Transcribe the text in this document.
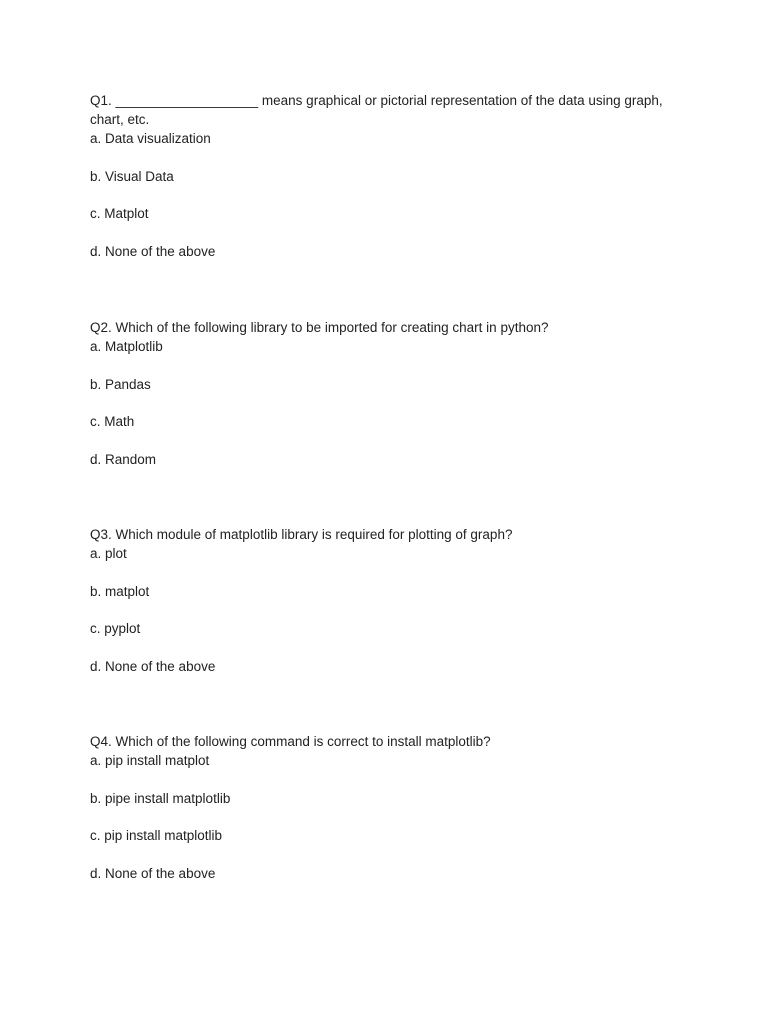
Q1. ___________________ means graphical or pictorial representation of the data using graph, chart, etc.

a. Data visualization

b. Visual Data

c. Matplot

d. None of the above

Q2. Which of the following library to be imported for creating chart in python?

a. Matplotlib

b. Pandas

c. Math

d. Random

Q3. Which module of matplotlib library is required for plotting of graph?

a. plot

b. matplot

c. pyplot

d. None of the above

Q4. Which of the following command is correct to install matplotlib?

a. pip install matplot

b. pipe install matplotlib

c. pip install matplotlib

d. None of the above
